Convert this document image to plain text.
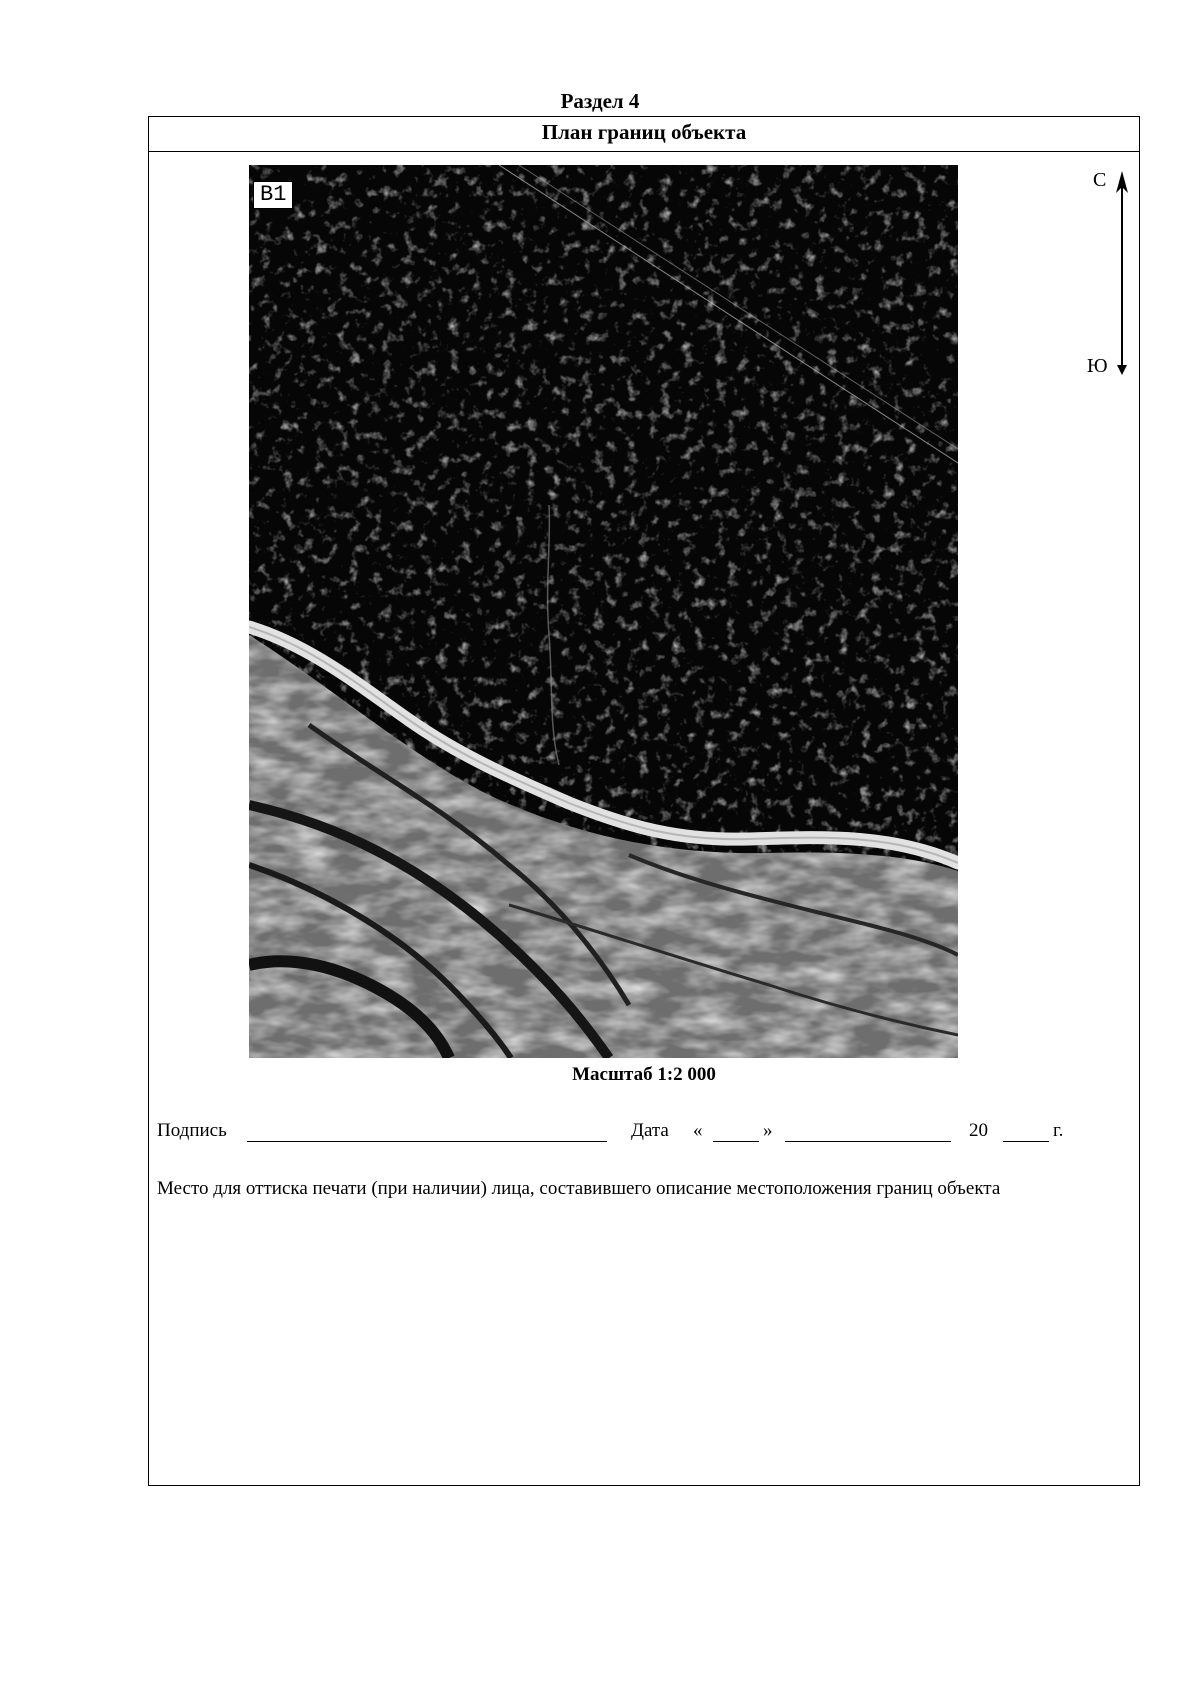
Раздел 4
План границ объекта
B1
С
Ю
Масштаб 1:2 000
Подпись	Дата «	»	20	г.
Место для оттиска печати (при наличии) лица, составившего описание местоположения границ объекта
